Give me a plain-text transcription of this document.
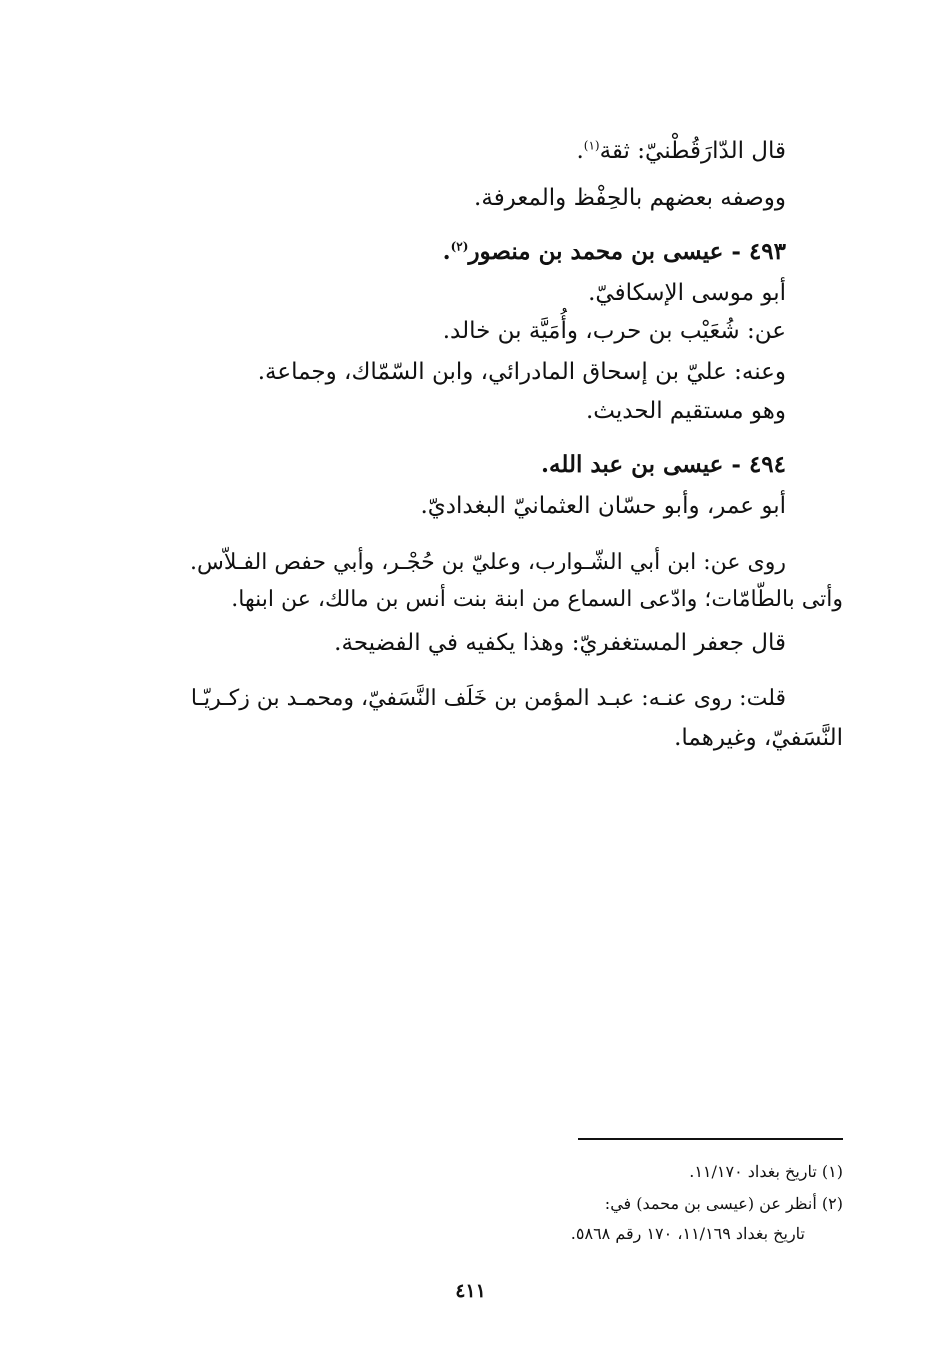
قال الدّارَقُطْنيّ: ثقة$^{(١)}$.
ووصفه بعضهم بالحِفْظ والمعرفة.
٤٩٣ - عيسى بن محمد بن منصور$^{(٢)}$.
أبو موسى الإسكافيّ.
عن: شُعَيْب بن حرب، وأُمَيَّة بن خالد.
وعنه: عليّ بن إسحاق المادرائي، وابن السّمّاك، وجماعة.
وهو مستقيم الحديث.
٤٩٤ - عيسى بن عبد الله.
أبو عمر، وأبو حسّان العثمانيّ البغداديّ.
روى عن: ابن أبي الشّـوارب، وعليّ بن حُجْـر، وأبي حفص الفـلاّس.
وأتى بالطّامّات؛ وادّعى السماع من ابنة بنت أنس بن مالك، عن ابنها.
قال جعفر المستغفريّ: وهذا يكفيه في الفضيحة.
قلت: روى عنـه: عبـد المؤمن بن خَلَف النَّسَفيّ، ومحمـد بن زكـريّـا
النَّسَفيّ، وغيرهما.
(١) تاريخ بغداد ١١/١٧٠.
(٢) أنظر عن (عيسى بن محمد) في:
تاريخ بغداد ١١/١٦٩، ١٧٠ رقم ٥٨٦٨.
٤١١
